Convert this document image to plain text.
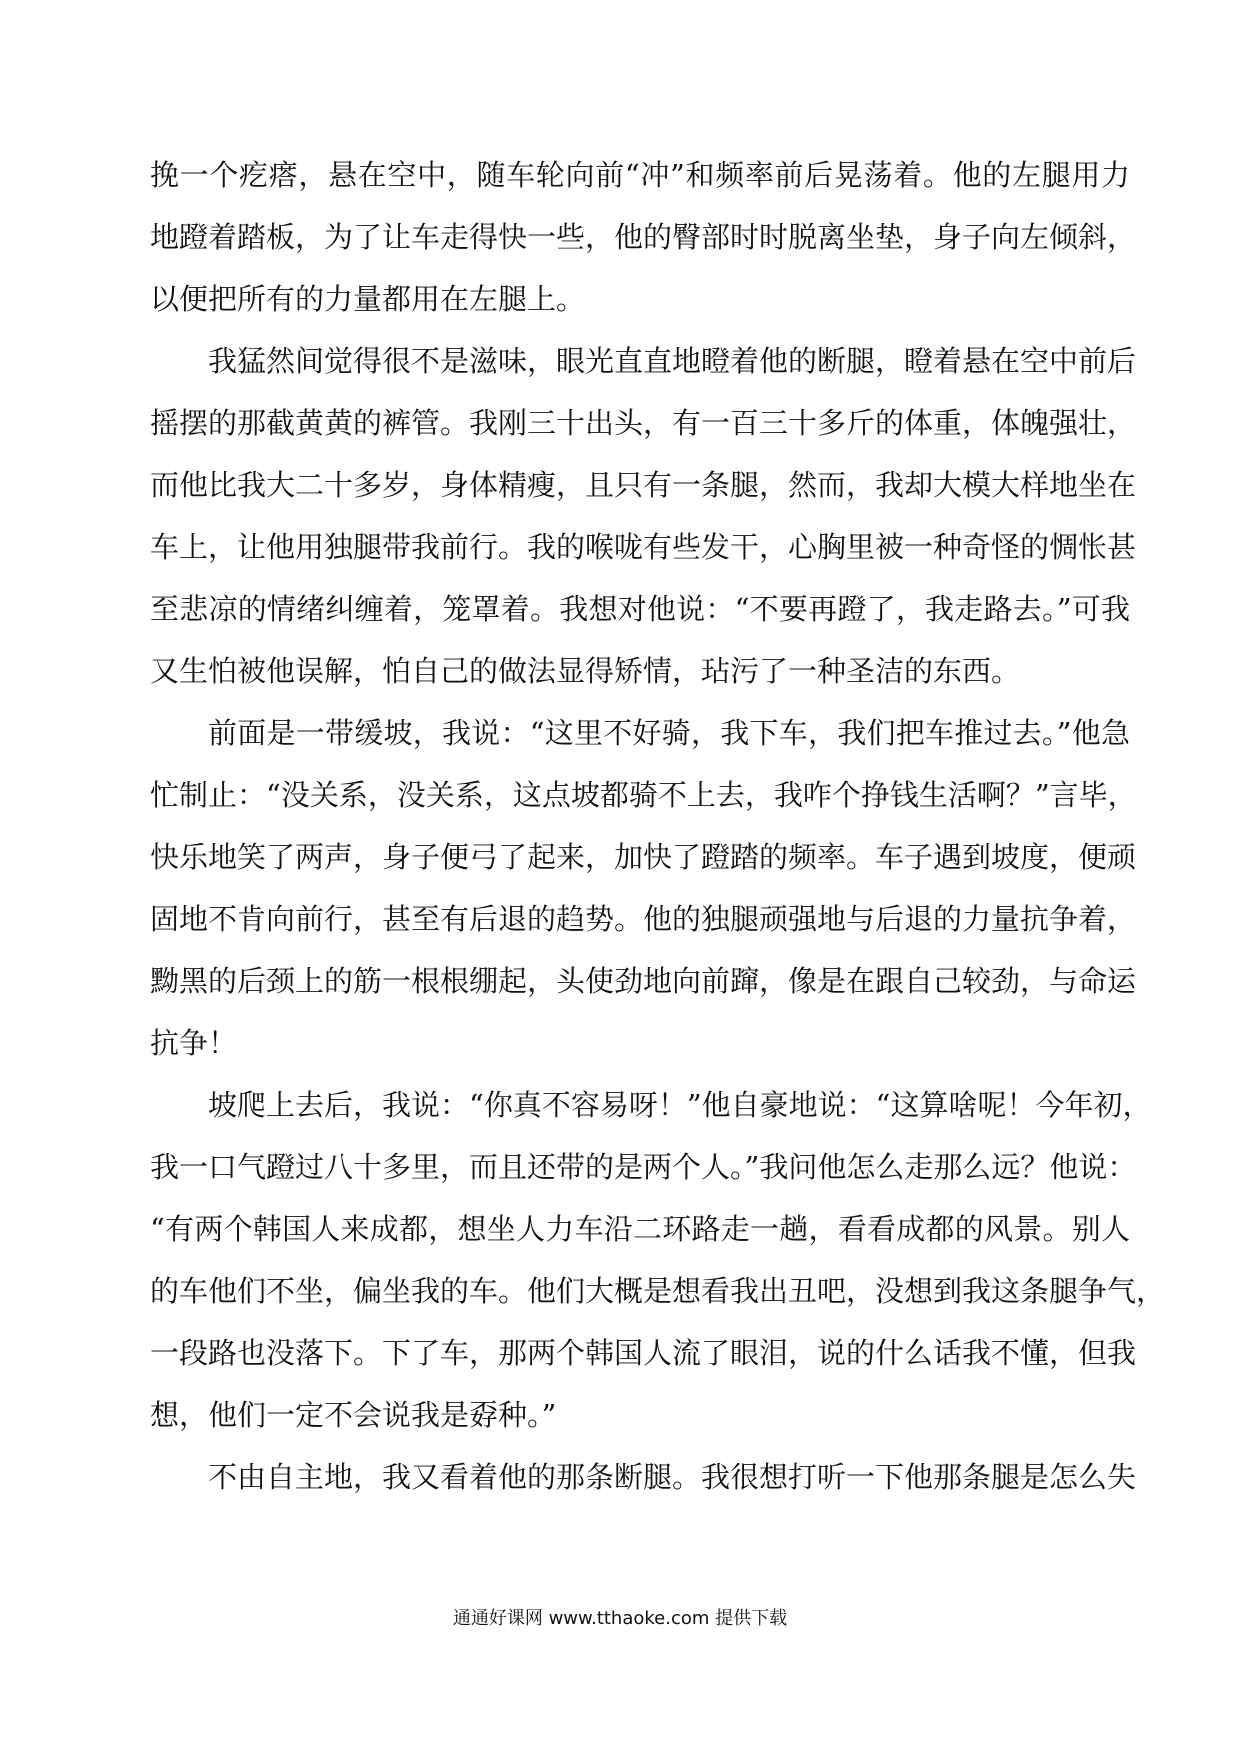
挽一个疙瘩，悬在空中，随车轮向前“冲”和频率前后晃荡着。他的左腿用力
地蹬着踏板，为了让车走得快一些，他的臀部时时脱离坐垫，身子向左倾斜，
以便把所有的力量都用在左腿上。
我猛然间觉得很不是滋味，眼光直直地瞪着他的断腿，瞪着悬在空中前后
摇摆的那截黄黄的裤管。我刚三十出头，有一百三十多斤的体重，体魄强壮，
而他比我大二十多岁，身体精瘦，且只有一条腿，然而，我却大模大样地坐在
车上，让他用独腿带我前行。我的喉咙有些发干，心胸里被一种奇怪的惆怅甚
至悲凉的情绪纠缠着，笼罩着。我想对他说：“不要再蹬了，我走路去。”可我
又生怕被他误解，怕自己的做法显得矫情，玷污了一种圣洁的东西。
前面是一带缓坡，我说：“这里不好骑，我下车，我们把车推过去。”他急
忙制止：“没关系，没关系，这点坡都骑不上去，我咋个挣钱生活啊？”言毕，
快乐地笑了两声，身子便弓了起来，加快了蹬踏的频率。车子遇到坡度，便顽
固地不肯向前行，甚至有后退的趋势。他的独腿顽强地与后退的力量抗争着，
黝黑的后颈上的筋一根根绷起，头使劲地向前蹿，像是在跟自己较劲，与命运
抗争！
坡爬上去后，我说：“你真不容易呀！”他自豪地说：“这算啥呢！今年初，
我一口气蹬过八十多里，而且还带的是两个人。”我问他怎么走那么远？他说：
“有两个韩国人来成都，想坐人力车沿二环路走一趟，看看成都的风景。别人
的车他们不坐，偏坐我的车。他们大概是想看我出丑吧，没想到我这条腿争气，
一段路也没落下。下了车，那两个韩国人流了眼泪，说的什么话我不懂，但我
想，他们一定不会说我是孬种。”
不由自主地，我又看着他的那条断腿。我很想打听一下他那条腿是怎么失
通通好课网 www.tthaoke.com 提供下载
